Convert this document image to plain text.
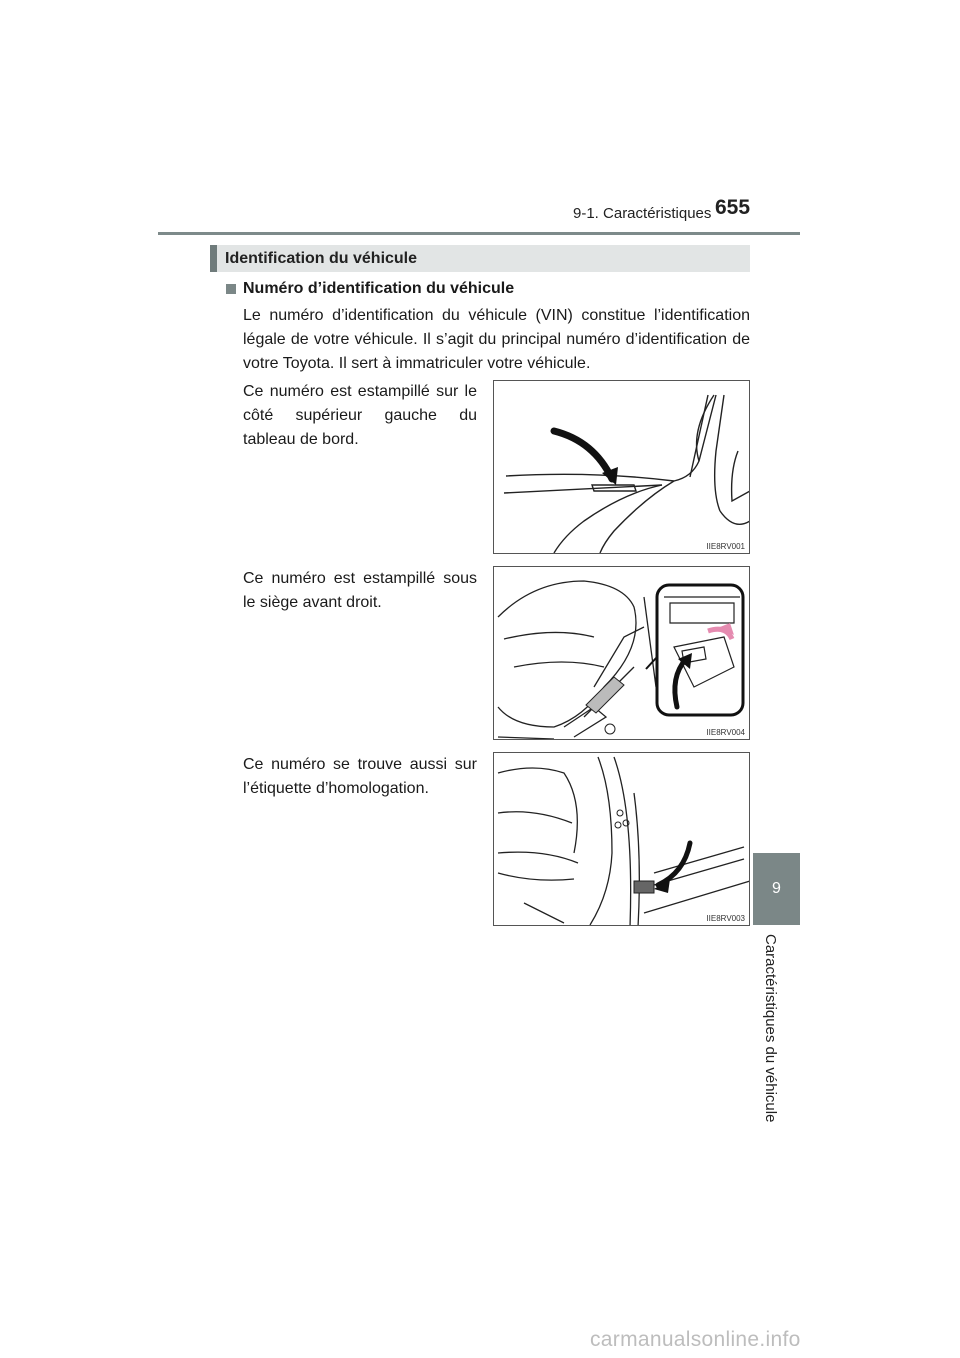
9-1. Caractéristiques 655
9
Caractéristiques du véhicule
Identification du véhicule
Numéro d’identification du véhicule

Le numéro d’identification du véhicule (VIN) constitue l’identification légale de votre véhicule. Il s’agit du principal numéro d’identification de votre Toyota. Il sert à immatriculer votre véhicule.

Ce numéro est estampillé sur le côté supérieur gauche du tableau de bord.

Ce numéro est estampillé sous le siège avant droit.

Ce numéro se trouve aussi sur l’étiquette d’homologation.

IIE8RV001
IIE8RV004
IIE8RV003
carmanualsonline.info
